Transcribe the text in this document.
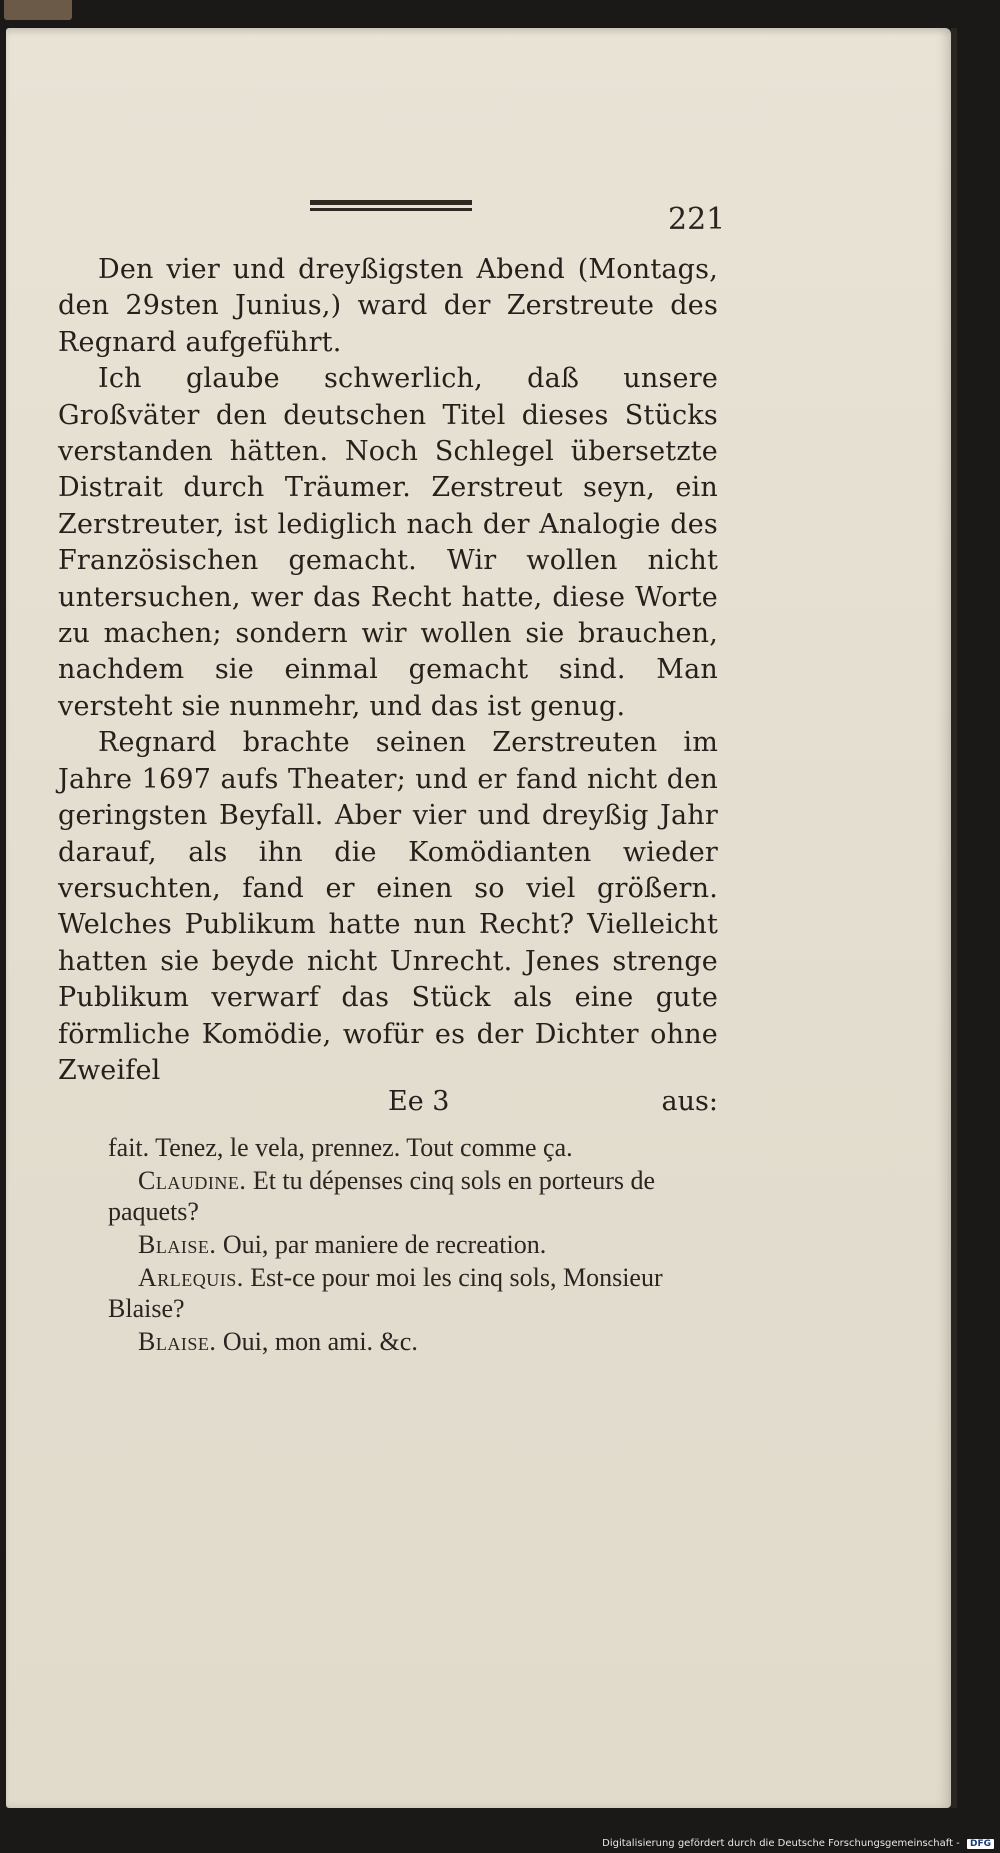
221

Den vier und dreyßigsten Abend (Montags, den 29sten Junius,) ward der Zerstreute des Regnard aufgeführt.

Ich glaube schwerlich, daß unsere Großväter den deutschen Titel dieses Stücks verstanden hätten. Noch Schlegel übersetzte Distrait durch Träumer. Zerstreut seyn, ein Zerstreuter, ist lediglich nach der Analogie des Französischen gemacht. Wir wollen nicht untersuchen, wer das Recht hatte, diese Worte zu machen; sondern wir wollen sie brauchen, nachdem sie einmal gemacht sind. Man versteht sie nunmehr, und das ist genug.

Regnard brachte seinen Zerstreuten im Jahre 1697 aufs Theater; und er fand nicht den geringsten Beyfall. Aber vier und dreyßig Jahr darauf, als ihn die Komödianten wieder versuchten, fand er einen so viel größern. Welches Publikum hatte nun Recht? Vielleicht hatten sie beyde nicht Unrecht. Jenes strenge Publikum verwarf das Stück als eine gute förmliche Komödie, wofür es der Dichter ohne Zweifel

Ee 3	aus:

fait. Tenez, le vela, prennez. Tout comme ça.

Claudine. Et tu dépenses cinq sols en porteurs de paquets?

Blaise. Oui, par maniere de recreation.

Arlequis. Est-ce pour moi les cinq sols, Monsieur Blaise?

Blaise. Oui, mon ami. &c.

Digitalisierung gefördert durch die Deutsche Forschungsgemeinschaft - DFG
